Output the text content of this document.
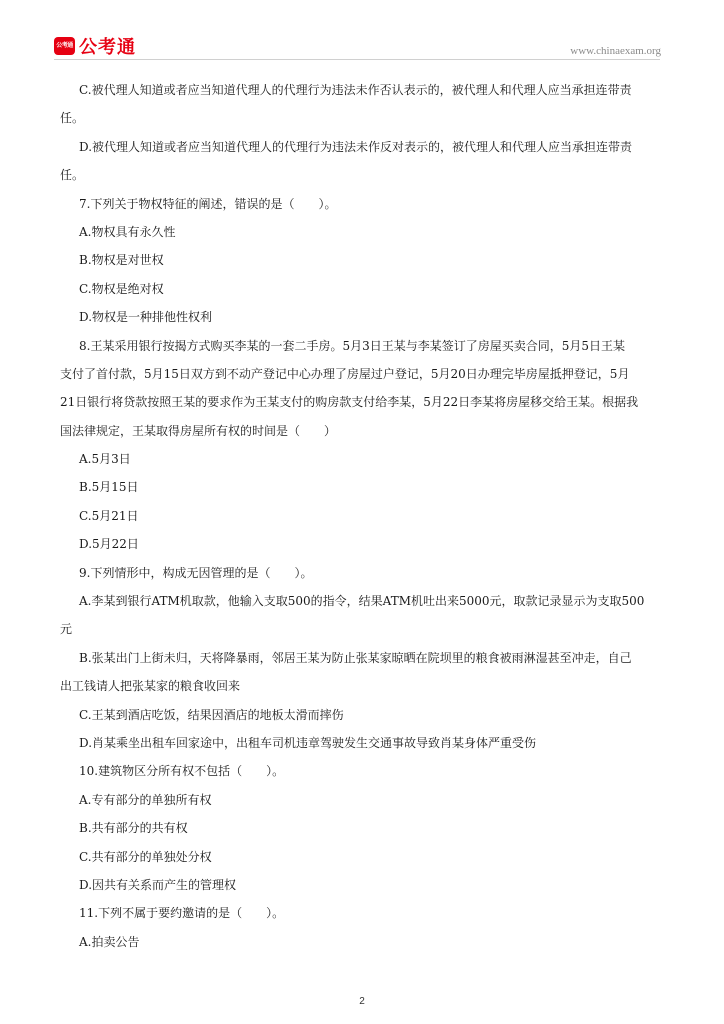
公考通 公考通	www.chinaexam.org
C.被代理人知道或者应当知道代理人的代理行为违法未作否认表示的，被代理人和代理人应当承担连带责
任。
D.被代理人知道或者应当知道代理人的代理行为违法未作反对表示的，被代理人和代理人应当承担连带责
任。
7.下列关于物权特征的阐述，错误的是（　　）。
A.物权具有永久性
B.物权是对世权
C.物权是绝对权
D.物权是一种排他性权利
8.王某采用银行按揭方式购买李某的一套二手房。5月3日王某与李某签订了房屋买卖合同，5月5日王某
支付了首付款，5月15日双方到不动产登记中心办理了房屋过户登记，5月20日办理完毕房屋抵押登记，5月
21日银行将贷款按照王某的要求作为王某支付的购房款支付给李某，5月22日李某将房屋移交给王某。根据我
国法律规定，王某取得房屋所有权的时间是（　　）
A.5月3日
B.5月15日
C.5月21日
D.5月22日
9.下列情形中，构成无因管理的是（　　）。
A.李某到银行ATM机取款，他输入支取500的指令，结果ATM机吐出来5000元，取款记录显示为支取500
元
B.张某出门上街未归，天将降暴雨，邻居王某为防止张某家晾晒在院坝里的粮食被雨淋湿甚至冲走，自己
出工钱请人把张某家的粮食收回来
C.王某到酒店吃饭，结果因酒店的地板太滑而摔伤
D.肖某乘坐出租车回家途中，出租车司机违章驾驶发生交通事故导致肖某身体严重受伤
10.建筑物区分所有权不包括（　　）。
A.专有部分的单独所有权
B.共有部分的共有权
C.共有部分的单独处分权
D.因共有关系而产生的管理权
11.下列不属于要约邀请的是（　　）。
A.拍卖公告
2
